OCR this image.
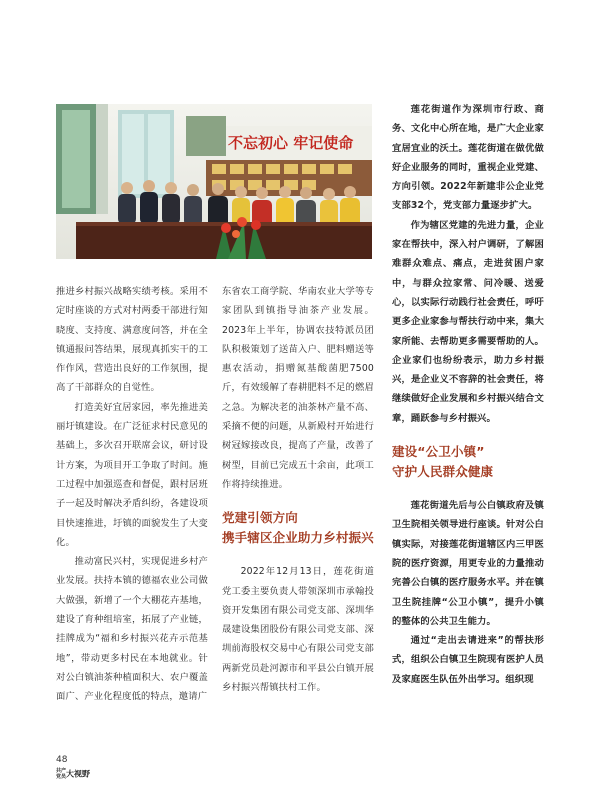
不忘初心 牢记使命

推进乡村振兴战略实绩考核。采用不定时座谈的方式对村两委干部进行知晓度、支持度、满意度问答，并在全镇通报问答结果，展现真抓实干的工作作风，营造出良好的工作氛围，提高了干部群众的自觉性。

打造美好宜居家园，率先推进美丽圩镇建设。在广泛征求村民意见的基础上，多次召开联席会议，研讨设计方案，为项目开工争取了时间。施工过程中加强巡查和督促，跟村居班子一起及时解决矛盾纠纷，各建设项目快速推进，圩镇的面貌发生了大变化。

推动富民兴村，实现促进乡村产业发展。扶持本镇的德福农业公司做大做强，新增了一个大棚花卉基地，建设了育种组培室，拓展了产业链，挂牌成为“福和乡村振兴花卉示范基地”，带动更多村民在本地就业。针对公白镇油茶种植面积大、农户覆盖面广、产业化程度低的特点，邀请广

东省农工商学院、华南农业大学等专家团队到镇指导油茶产业发展。2023年上半年，协调农技特派员团队积极策划了送苗入户、肥料赠送等惠农活动，捐赠氮基酸菌肥7500斤，有效缓解了春耕肥料不足的燃眉之急。为解决老的油茶林产量不高、采摘不便的问题，从新殿村开始进行树冠嫁接改良，提高了产量，改善了树型，目前已完成五十余亩，此项工作将持续推进。

党建引领方向
携手辖区企业助力乡村振兴

2022年12月13日，莲花街道党工委主要负责人带领深圳市承翰投资开发集团有限公司党支部、深圳华晟建设集团股份有限公司党支部、深圳前海股权交易中心有限公司党支部两新党员赴河源市和平县公白镇开展乡村振兴帮镇扶村工作。

莲花街道作为深圳市行政、商务、文化中心所在地，是广大企业家宜居宜业的沃土。莲花街道在做优做好企业服务的同时，重视企业党建、方向引领。2022年新建非公企业党支部32个，党支部力量逐步扩大。

作为辖区党建的先进力量，企业家在帮扶中，深入村户调研，了解困难群众难点、痛点，走进贫困户家中，与群众拉家常、问冷暖、送爱心，以实际行动践行社会责任，呼吁更多企业家参与帮扶行动中来，集大家所能、去帮助更多需要帮助的人。企业家们也纷纷表示，助力乡村振兴，是企业义不容辞的社会责任，将继续做好企业发展和乡村振兴结合文章，踊跃参与乡村振兴。

建设“公卫小镇”
守护人民群众健康

莲花街道先后与公白镇政府及镇卫生院相关领导进行座谈。针对公白镇实际，对接莲花街道辖区内三甲医院的医疗资源，用更专业的力量推动完善公白镇的医疗服务水平。并在镇卫生院挂牌“公卫小镇”，提升小镇的整体的公共卫生能力。

通过“走出去请进来”的帮扶形式，组织公白镇卫生院现有医护人员及家庭医生队伍外出学习。组织现

48
共产党员大视野
